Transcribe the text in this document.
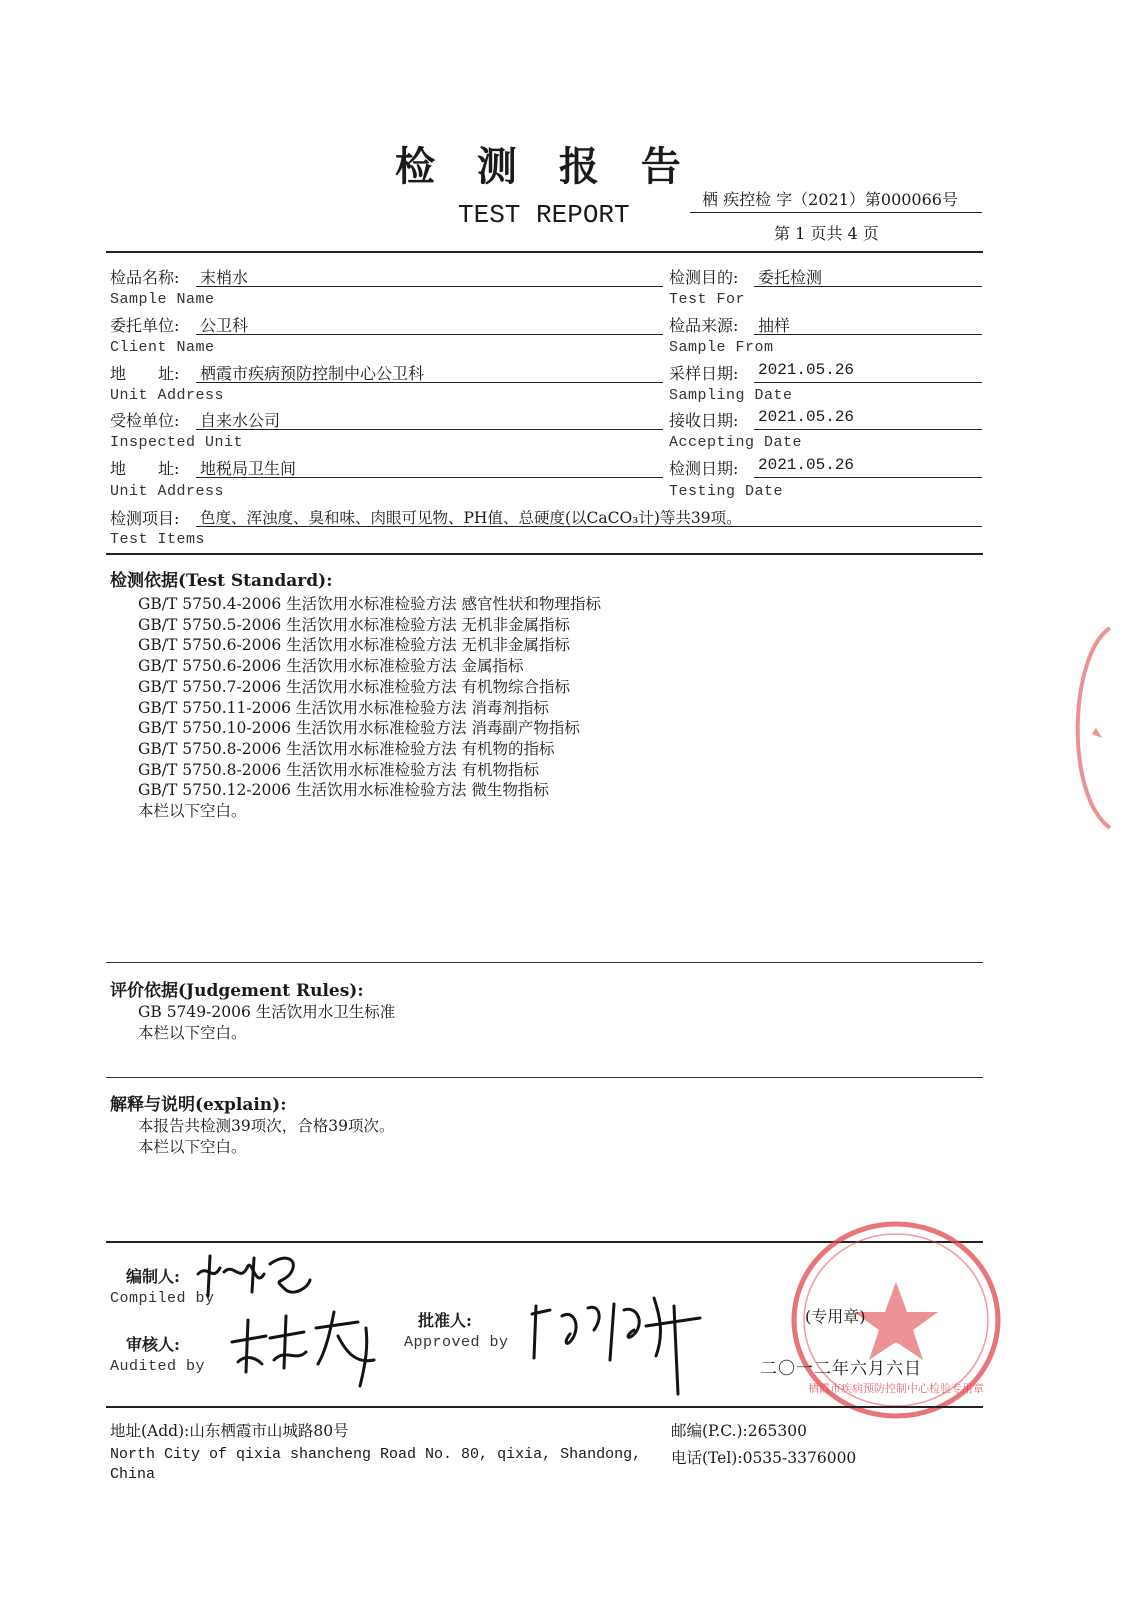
检 测 报 告
TEST REPORT
栖 疾控检 字（2021）第000066号
第 1 页共 4 页
检品名称: 末梢水
Sample Name
委托单位: 公卫科
Client Name
地　　址: 栖霞市疾病预防控制中心公卫科
Unit Address
受检单位: 自来水公司
Inspected Unit
地　　址: 地税局卫生间
Unit Address
检测目的: 委托检测
Test For
检品来源: 抽样
Sample From
采样日期: 2021.05.26
Sampling Date
接收日期: 2021.05.26
Accepting Date
检测日期: 2021.05.26
Testing Date
检测项目: 色度、浑浊度、臭和味、肉眼可见物、PH值、总硬度(以CaCO₃计)等共39项。
Test Items
检测依据(Test Standard):
GB/T 5750.4-2006 生活饮用水标准检验方法 感官性状和物理指标
GB/T 5750.5-2006 生活饮用水标准检验方法 无机非金属指标
GB/T 5750.6-2006 生活饮用水标准检验方法 无机非金属指标
GB/T 5750.6-2006 生活饮用水标准检验方法 金属指标
GB/T 5750.7-2006 生活饮用水标准检验方法 有机物综合指标
GB/T 5750.11-2006 生活饮用水标准检验方法 消毒剂指标
GB/T 5750.10-2006 生活饮用水标准检验方法 消毒副产物指标
GB/T 5750.8-2006 生活饮用水标准检验方法 有机物的指标
GB/T 5750.8-2006 生活饮用水标准检验方法 有机物指标
GB/T 5750.12-2006 生活饮用水标准检验方法 微生物指标
本栏以下空白。
评价依据(Judgement Rules):
GB 5749-2006 生活饮用水卫生标准
本栏以下空白。
解释与说明(explain):
本报告共检测39项次，合格39项次。
本栏以下空白。
编制人:
Compiled by
审核人:
Audited by
批准人:
Approved by
栖霞市疾病预防控制中心检验专用章
(专用章)
二〇一二年六月六日
地址(Add):山东栖霞市山城路80号
North City of qixia shancheng Road No. 80, qixia, Shandong,
China
邮编(P.C.):265300
电话(Tel):0535-3376000
